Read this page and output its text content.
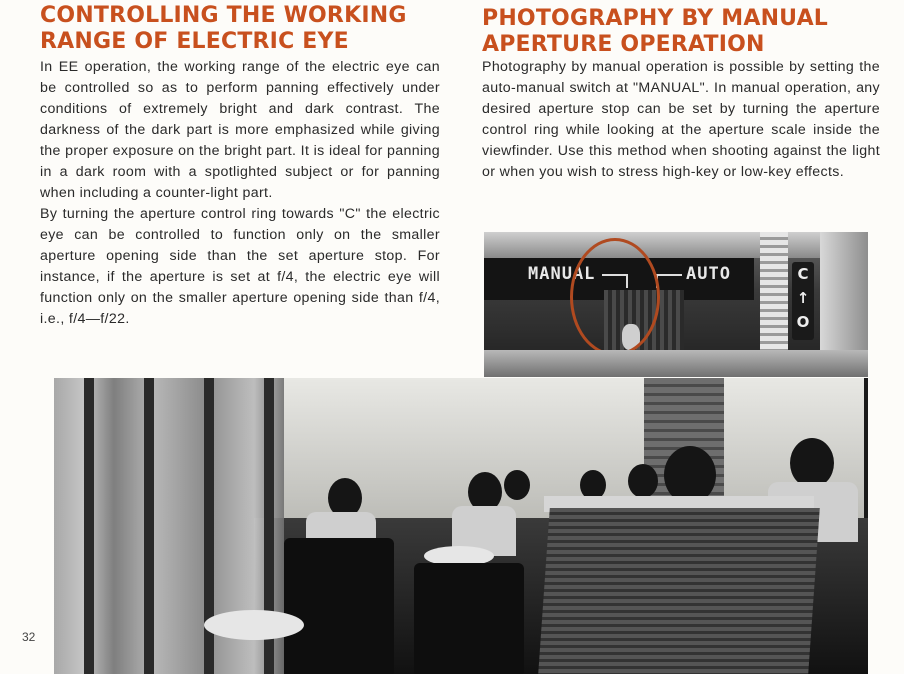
CONTROLLING THE WORKING
RANGE OF ELECTRIC EYE

In EE operation, the working range of the electric eye can be controlled so as to perform panning effectively under conditions of extremely bright and dark contrast. The darkness of the dark part is more emphasized while giving the proper exposure on the bright part. It is ideal for panning in a dark room with a spotlighted subject or for panning when including a counter-light part.

By turning the aperture control ring towards "C" the electric eye can be controlled to function only on the smaller aperture opening side than the set aperture stop. For instance, if the aperture is set at f/4, the electric eye will function only on the smaller aperture opening side than f/4, i.e., f/4—f/22.

PHOTOGRAPHY BY MANUAL
APERTURE OPERATION

Photography by manual operation is possible by setting the auto-manual switch at "MANUAL". In manual operation, any desired aperture stop can be set by turning the aperture control ring while looking at the aperture scale inside the viewfinder. Use this method when shooting against the light or when you wish to stress high-key or low-key effects.

MANUAL	AUTO	C
↑
O
32
